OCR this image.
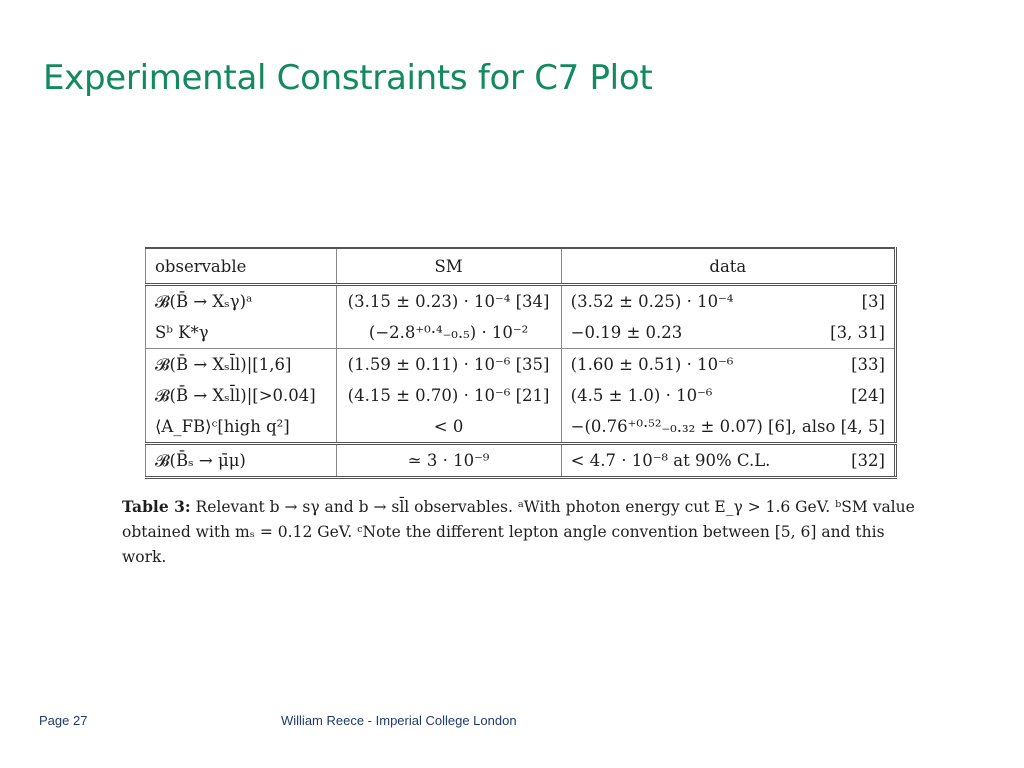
Experimental Constraints for C7 Plot
observable	SM	data
𝓑(B̄ → Xₛγ)ᵃ	(3.15 ± 0.23) · 10⁻⁴ [34]	(3.52 ± 0.25) · 10⁻⁴ [3]

Sᵇ K*γ	(−2.8⁺⁰·⁴₋₀.₅) · 10⁻²	−0.19 ± 0.23 [3, 31]

𝓑(B̄ → Xₛl̄l)|[1,6]	(1.59 ± 0.11) · 10⁻⁶ [35]	(1.60 ± 0.51) · 10⁻⁶ [33]

𝓑(B̄ → Xₛl̄l)|[>0.04]	(4.15 ± 0.70) · 10⁻⁶ [21]	(4.5 ± 1.0) · 10⁻⁶ [24]

⟨A_FB⟩ᶜ[high q²]	< 0	−(0.76⁺⁰·⁵²₋₀.₃₂ ± 0.07) [6], also [4, 5]

𝓑(B̄ₛ → μ̄μ)	≃ 3 · 10⁻⁹	< 4.7 · 10⁻⁸ at 90% C.L. [32]

Table 3: Relevant b → sγ and b → sl̄l observables. ᵃWith photon energy cut E_γ > 1.6 GeV. ᵇSM value obtained with mₛ = 0.12 GeV. ᶜNote the different lepton angle convention between [5, 6] and this work.

Page 27	William Reece - Imperial College London
